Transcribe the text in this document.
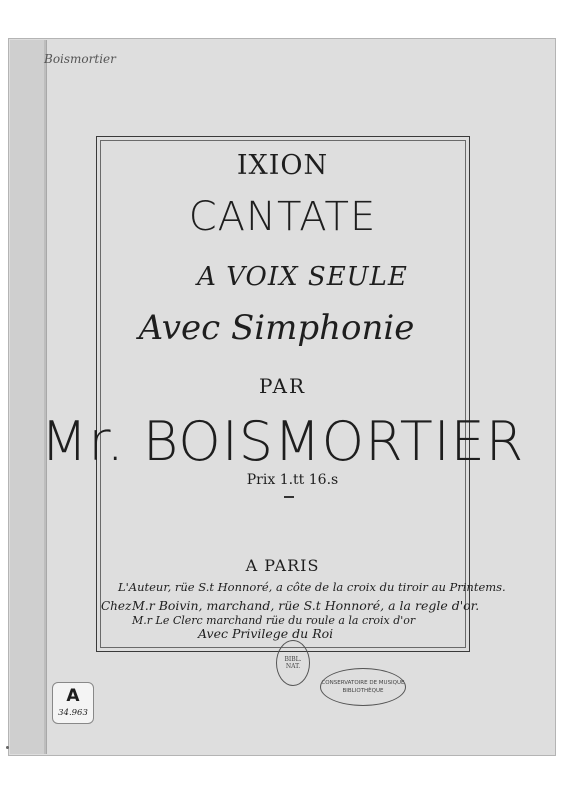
Boismortier
IXION
CANTATE
A VOIX SEULE
Avec Simphonie
PAR
Mr. BOISMORTIER
Prix 1.tt 16.s
A PARIS
L'Auteur, rüe S.t Honnoré, a côte de la croix du tiroir au Printems.
Chez M.r Boivin, marchand, rüe S.t Honnoré, a la regle d'or.
M.r Le Clerc marchand rüe du roule a la croix d'or
Avec Privilege du Roi
BIBL. NAT.
CONSERVATOIRE DE MUSIQUE
BIBLIOTHÈQUE
A
34.963
